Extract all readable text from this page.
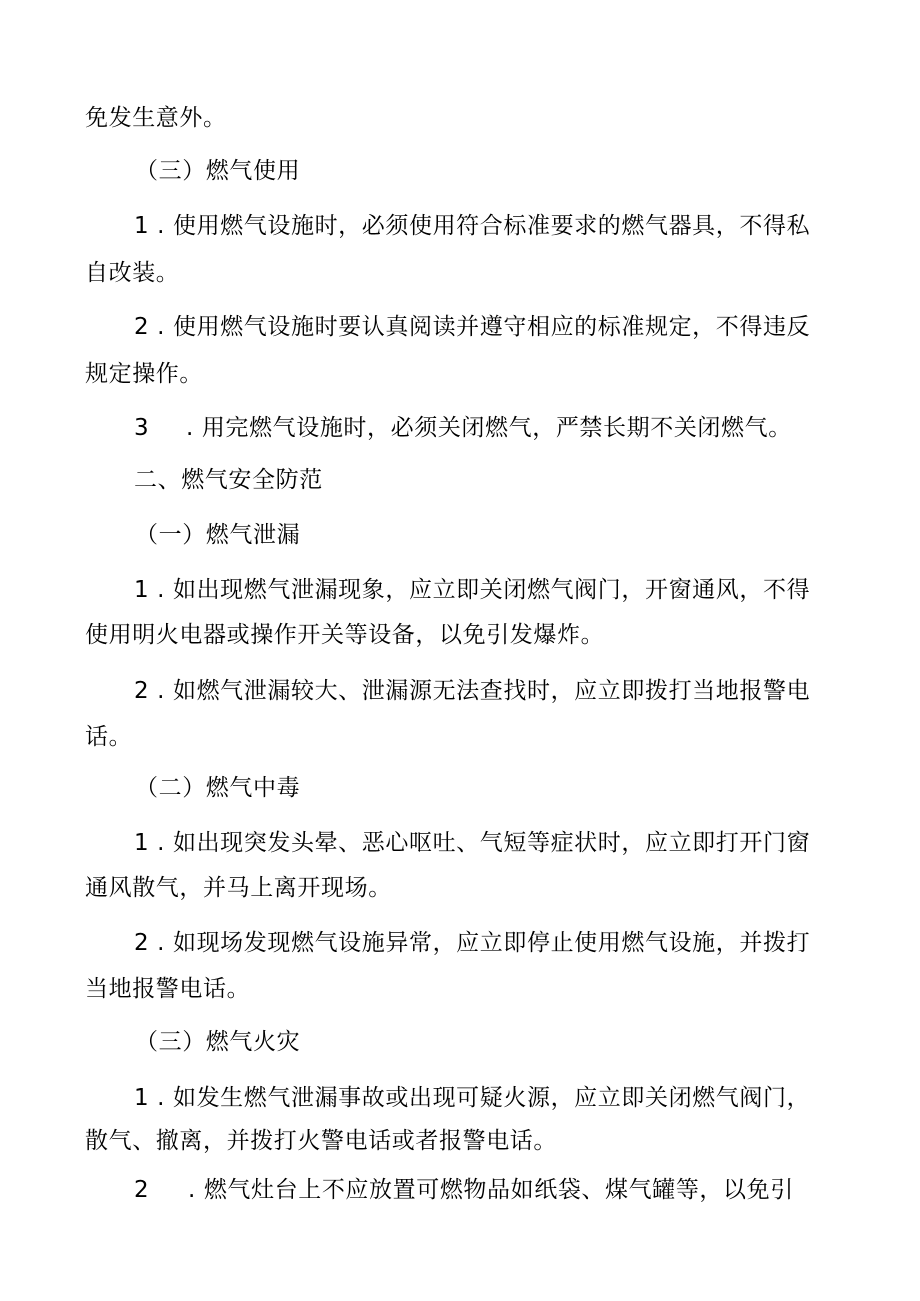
免发生意外。
（三）燃气使用
1 . 使用燃气设施时，必须使用符合标准要求的燃气器具，不得私
自改装。
2 . 使用燃气设施时要认真阅读并遵守相应的标准规定，不得违反
规定操作。
3 . 用完燃气设施时，必须关闭燃气，严禁长期不关闭燃气。
二、燃气安全防范
（一）燃气泄漏
1 . 如出现燃气泄漏现象，应立即关闭燃气阀门，开窗通风，不得
使用明火电器或操作开关等设备，以免引发爆炸。
2 . 如燃气泄漏较大、泄漏源无法查找时，应立即拨打当地报警电
话。
（二）燃气中毒
1 . 如出现突发头晕、恶心呕吐、气短等症状时，应立即打开门窗
通风散气，并马上离开现场。
2 . 如现场发现燃气设施异常，应立即停止使用燃气设施，并拨打
当地报警电话。
（三）燃气火灾
1 . 如发生燃气泄漏事故或出现可疑火源，应立即关闭燃气阀门，
散气、撤离，并拨打火警电话或者报警电话。
2 . 燃气灶台上不应放置可燃物品如纸袋、煤气罐等，以免引
